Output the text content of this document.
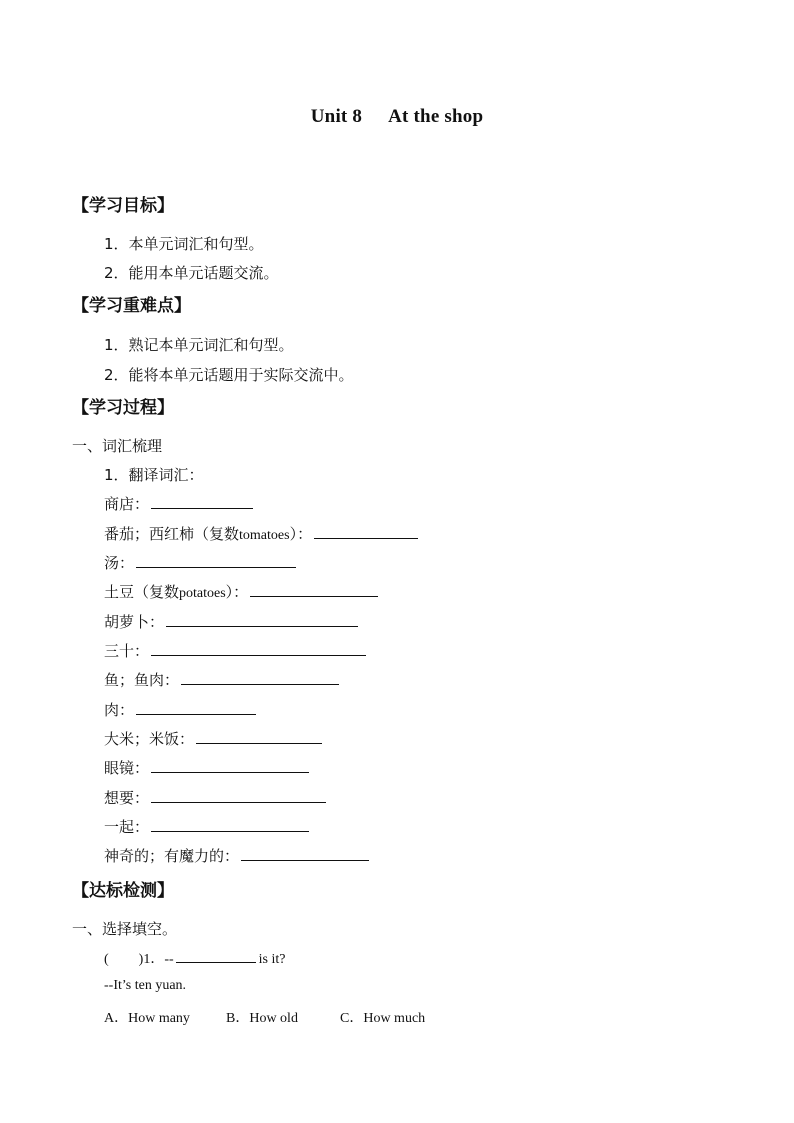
Unit 8 At the shop
【学习目标】
1．本单元词汇和句型。
2．能用本单元话题交流。
【学习重难点】
1．熟记本单元词汇和句型。
2．能将本单元话题用于实际交流中。
【学习过程】
一、词汇梳理
1．翻译词汇：
商店：
番茄；西红柿（复数 tomatoes ）：
汤：
土豆（复数 potatoes ）：
胡萝卜：
三十：
鱼；鱼肉：
肉：
大米；米饭：
眼镜：
想要：
一起：
神奇的；有魔力的：
【达标检测】
一、选择填空。
( )1．--	is it?
--It’s ten yuan.
A．How many	B．How old	C．How much
